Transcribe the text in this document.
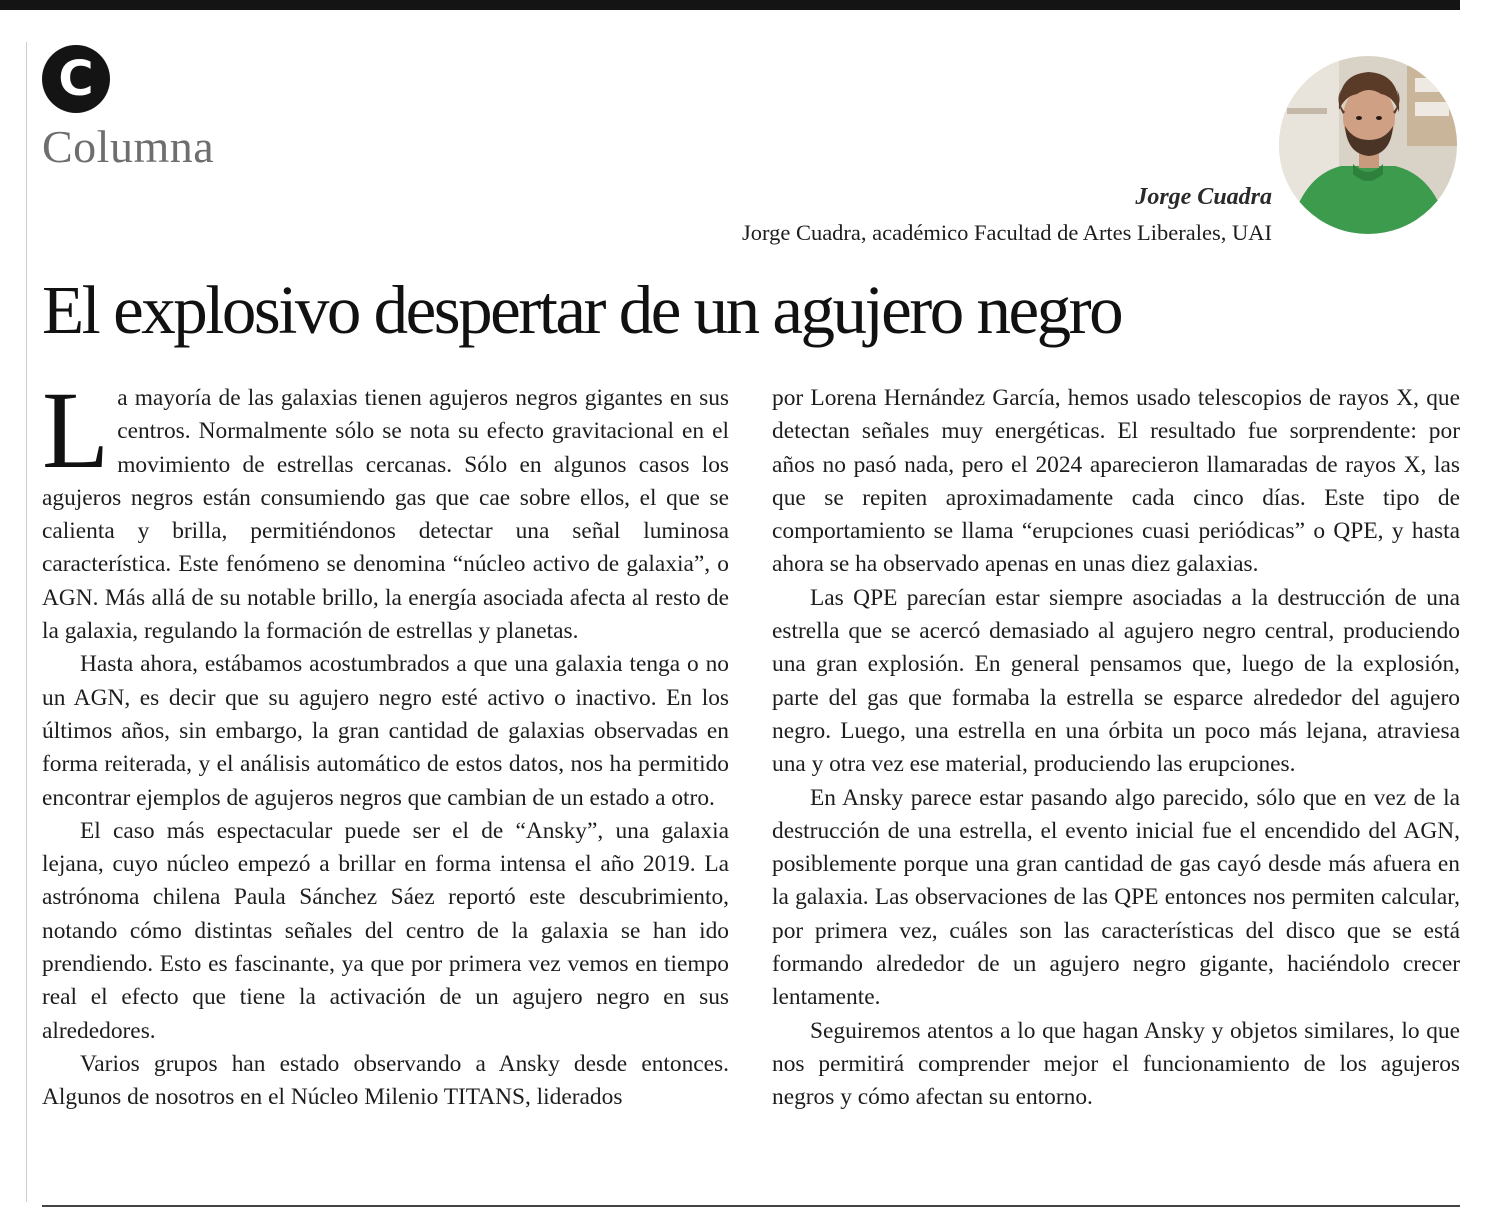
C
Columna
Jorge Cuadra
Jorge Cuadra, académico Facultad de Artes Liberales, UAI
El explosivo despertar de un agujero negro

La mayoría de las galaxias tienen agujeros negros gigantes en sus centros. Normalmente sólo se nota su efecto gravitacional en el movimiento de estrellas cercanas. Sólo en algunos casos los agujeros negros están consumiendo gas que cae sobre ellos, el que se calienta y brilla, permitiéndonos detectar una señal luminosa característica. Este fenómeno se denomina “núcleo activo de galaxia”, o AGN. Más allá de su notable brillo, la energía asociada afecta al resto de la galaxia, regulando la formación de estrellas y planetas.

Hasta ahora, estábamos acostumbrados a que una galaxia tenga o no un AGN, es decir que su agujero negro esté activo o inactivo. En los últimos años, sin embargo, la gran cantidad de galaxias observadas en forma reiterada, y el análisis automático de estos datos, nos ha permitido encontrar ejemplos de agujeros negros que cambian de un estado a otro.

El caso más espectacular puede ser el de “Ansky”, una galaxia lejana, cuyo núcleo empezó a brillar en forma intensa el año 2019. La astrónoma chilena Paula Sánchez Sáez reportó este descubrimiento, notando cómo distintas señales del centro de la galaxia se han ido prendiendo. Esto es fascinante, ya que por primera vez vemos en tiempo real el efecto que tiene la activación de un agujero negro en sus alrededores.

Varios grupos han estado observando a Ansky desde entonces. Algunos de nosotros en el Núcleo Milenio TITANS, liderados

por Lorena Hernández García, hemos usado telescopios de rayos X, que detectan señales muy energéticas. El resultado fue sorprendente: por años no pasó nada, pero el 2024 aparecieron llamaradas de rayos X, las que se repiten aproximadamente cada cinco días. Este tipo de comportamiento se llama “erupciones cuasi periódicas” o QPE, y hasta ahora se ha observado apenas en unas diez galaxias.

Las QPE parecían estar siempre asociadas a la destrucción de una estrella que se acercó demasiado al agujero negro central, produciendo una gran explosión. En general pensamos que, luego de la explosión, parte del gas que formaba la estrella se esparce alrededor del agujero negro. Luego, una estrella en una órbita un poco más lejana, atraviesa una y otra vez ese material, produciendo las erupciones.

En Ansky parece estar pasando algo parecido, sólo que en vez de la destrucción de una estrella, el evento inicial fue el encendido del AGN, posiblemente porque una gran cantidad de gas cayó desde más afuera en la galaxia. Las observaciones de las QPE entonces nos permiten calcular, por primera vez, cuáles son las características del disco que se está formando alrededor de un agujero negro gigante, haciéndolo crecer lentamente.

Seguiremos atentos a lo que hagan Ansky y objetos similares, lo que nos permitirá comprender mejor el funcionamiento de los agujeros negros y cómo afectan su entorno.
